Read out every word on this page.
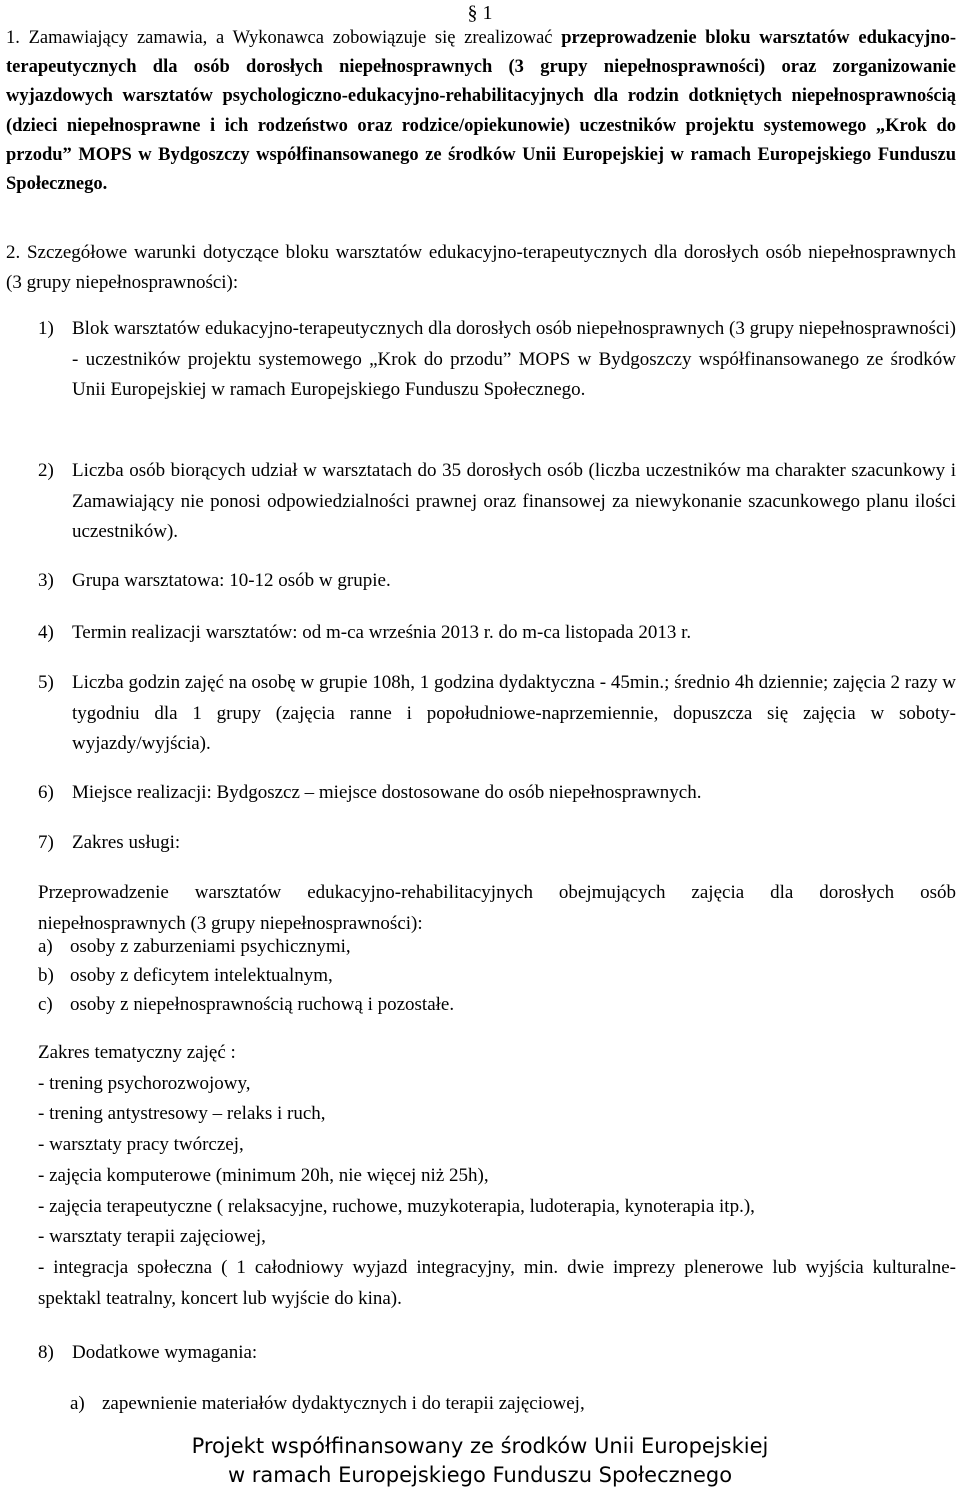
§ 1
1. Zamawiający zamawia, a Wykonawca zobowiązuje się zrealizować przeprowadzenie bloku warsztatów edukacyjno-terapeutycznych dla osób dorosłych niepełnosprawnych (3 grupy niepełnosprawności) oraz zorganizowanie wyjazdowych warsztatów psychologiczno-edukacyjno-rehabilitacyjnych dla rodzin dotkniętych niepełnosprawnością (dzieci niepełnosprawne i ich rodzeństwo oraz rodzice/opiekunowie) uczestników projektu systemowego „Krok do przodu” MOPS w Bydgoszczy współfinansowanego ze środków Unii Europejskiej w ramach Europejskiego Funduszu Społecznego.
2. Szczegółowe warunki dotyczące bloku warsztatów edukacyjno-terapeutycznych dla dorosłych osób niepełnosprawnych (3 grupy niepełnosprawności):
1) Blok warsztatów edukacyjno-terapeutycznych dla dorosłych osób niepełnosprawnych (3 grupy niepełnosprawności) - uczestników projektu systemowego „Krok do przodu” MOPS w Bydgoszczy współfinansowanego ze środków Unii Europejskiej w ramach Europejskiego Funduszu Społecznego.
2) Liczba osób biorących udział w warsztatach do 35 dorosłych osób (liczba uczestników ma charakter szacunkowy i Zamawiający nie ponosi odpowiedzialności prawnej oraz finansowej za niewykonanie szacunkowego planu ilości uczestników).
3) Grupa warsztatowa: 10-12 osób w grupie.
4) Termin realizacji warsztatów: od m-ca września 2013 r. do m-ca listopada 2013 r.
5) Liczba godzin zajęć na osobę w grupie 108h, 1 godzina dydaktyczna - 45min.; średnio 4h dziennie; zajęcia 2 razy w tygodniu dla 1 grupy (zajęcia ranne i popołudniowe-naprzemiennie, dopuszcza się zajęcia w soboty- wyjazdy/wyjścia).
6) Miejsce realizacji: Bydgoszcz – miejsce dostosowane do osób niepełnosprawnych.
7) Zakres usługi:
Przeprowadzenie warsztatów edukacyjno-rehabilitacyjnych obejmujących zajęcia dla dorosłych osób niepełnosprawnych (3 grupy niepełnosprawności):
a) osoby z zaburzeniami psychicznymi,
b) osoby z deficytem intelektualnym,
c) osoby z niepełnosprawnością ruchową i pozostałe.
Zakres tematyczny zajęć :
- trening psychorozwojowy,
- trening antystresowy – relaks i ruch,
- warsztaty pracy twórczej,
- zajęcia komputerowe (minimum 20h, nie więcej niż 25h),
- zajęcia terapeutyczne ( relaksacyjne, ruchowe, muzykoterapia, ludoterapia, kynoterapia itp.),
- warsztaty terapii zajęciowej,
- integracja społeczna ( 1 całodniowy wyjazd integracyjny, min. dwie imprezy plenerowe lub wyjścia kulturalne-spektakl teatralny, koncert lub wyjście do kina).
8) Dodatkowe wymagania:
a) zapewnienie materiałów dydaktycznych i do terapii zajęciowej,
Projekt współfinansowany ze środków Unii Europejskiej
w ramach Europejskiego Funduszu Społecznego
